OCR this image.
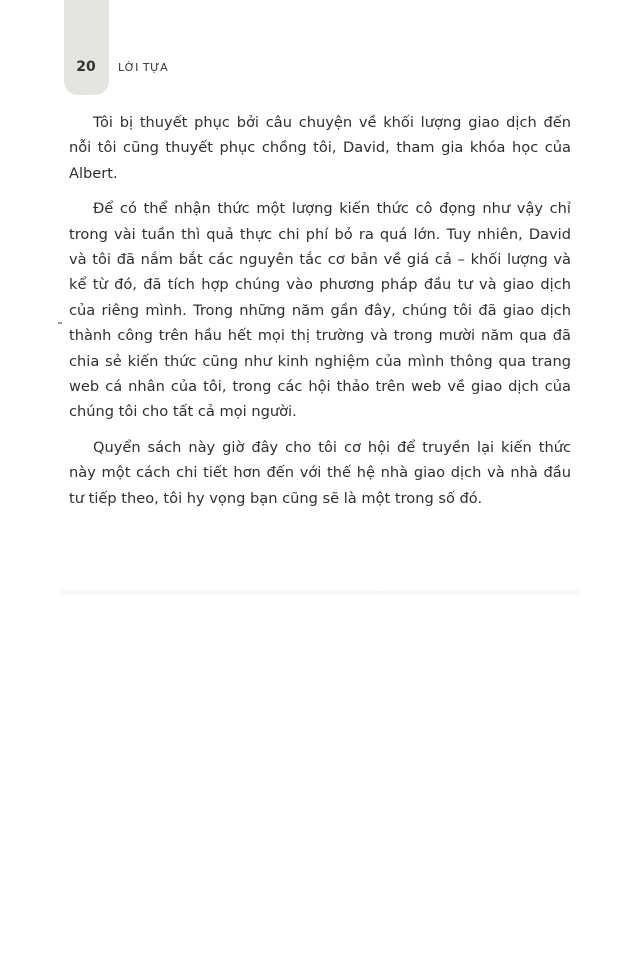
20	LỜI TỰA

Tôi bị thuyết phục bởi câu chuyện về khối lượng giao dịch đến nỗi tôi cũng thuyết phục chồng tôi, David, tham gia khóa học của Albert.

Để có thể nhận thức một lượng kiến thức cô đọng như vậy chỉ trong vài tuần thì quả thực chi phí bỏ ra quá lớn. Tuy nhiên, David và tôi đã nắm bắt các nguyên tắc cơ bản về giá cả – khối lượng và kể từ đó, đã tích hợp chúng vào phương pháp đầu tư và giao dịch của riêng mình. Trong những năm gần đây, chúng tôi đã giao dịch thành công trên hầu hết mọi thị trường và trong mười năm qua đã chia sẻ kiến thức cũng như kinh nghiệm của mình thông qua trang web cá nhân của tôi, trong các hội thảo trên web về giao dịch của chúng tôi cho tất cả mọi người.

Quyển sách này giờ đây cho tôi cơ hội để truyền lại kiến thức này một cách chi tiết hơn đến với thế hệ nhà giao dịch và nhà đầu tư tiếp theo, tôi hy vọng bạn cũng sẽ là một trong số đó.
